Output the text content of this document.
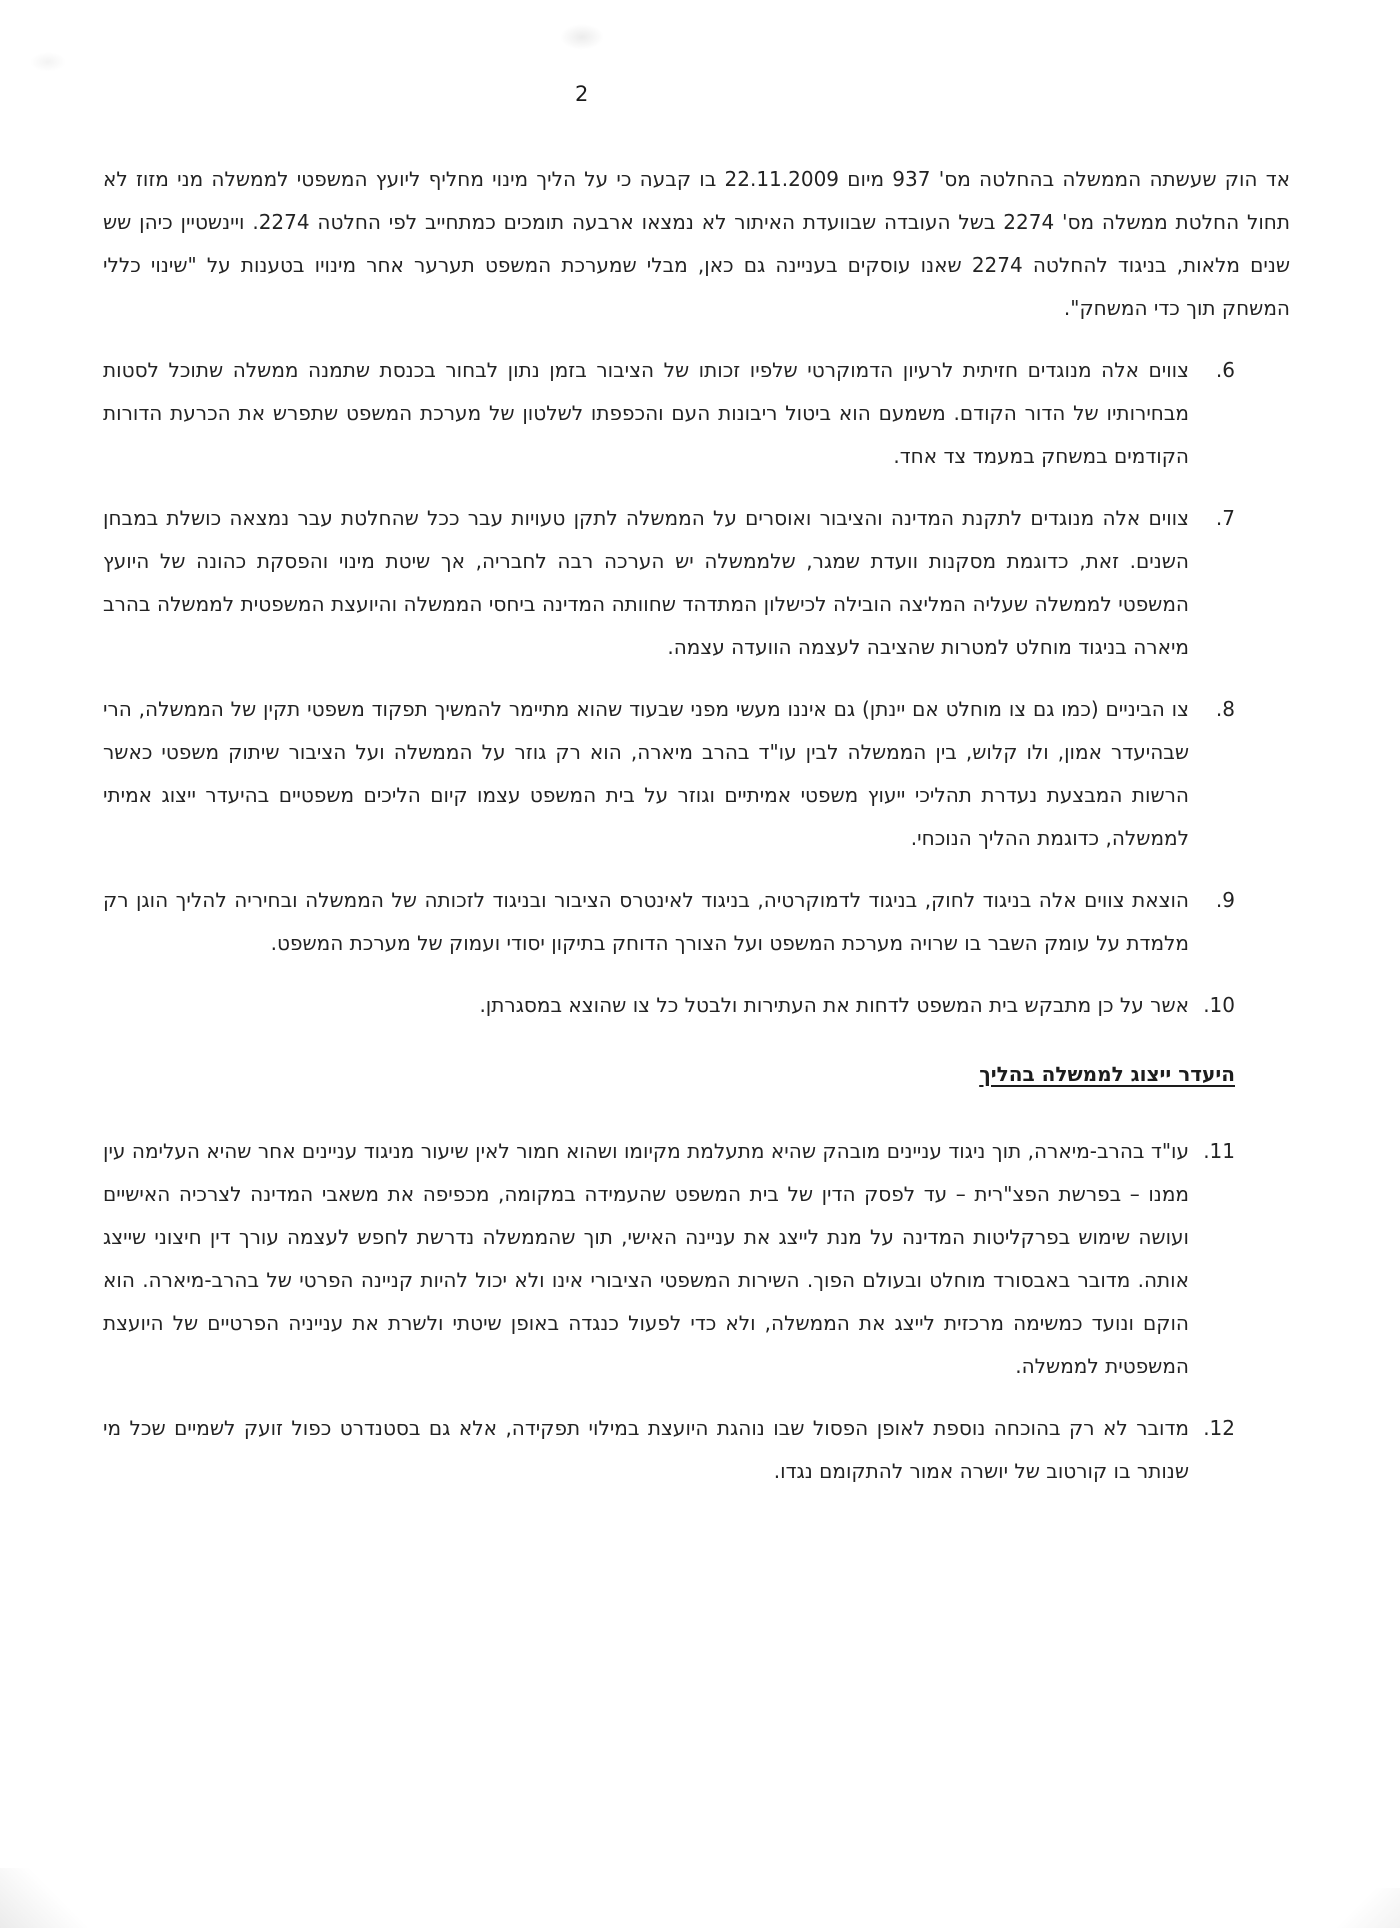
2

אד הוק שעשתה הממשלה בהחלטה מס' 937 מיום 22.11.2009 בו קבעה כי על הליך מינוי מחליף ליועץ המשפטי לממשלה מני מזוז לא תחול החלטת ממשלה מס' 2274 בשל העובדה שבוועדת האיתור לא נמצאו ארבעה תומכים כמתחייב לפי החלטה 2274. ויינשטיין כיהן שש שנים מלאות, בניגוד להחלטה 2274 שאנו עוסקים בעניינה גם כאן, מבלי שמערכת המשפט תערער אחר מינויו בטענות על "שינוי כללי המשחק תוך כדי המשחק".

6.
צווים אלה מנוגדים חזיתית לרעיון הדמוקרטי שלפיו זכותו של הציבור בזמן נתון לבחור בכנסת שתמנה ממשלה שתוכל לסטות מבחירותיו של הדור הקודם. משמעם הוא ביטול ריבונות העם והכפפתו לשלטון של מערכת המשפט שתפרש את הכרעת הדורות הקודמים במשחק במעמד צד אחד.
7.
צווים אלה מנוגדים לתקנת המדינה והציבור ואוסרים על הממשלה לתקן טעויות עבר ככל שהחלטת עבר נמצאה כושלת במבחן השנים. זאת, כדוגמת מסקנות וועדת שמגר, שלממשלה יש הערכה רבה לחבריה, אך שיטת מינוי והפסקת כהונה של היועץ המשפטי לממשלה שעליה המליצה הובילה לכישלון המתדהד שחוותה המדינה ביחסי הממשלה והיועצת המשפטית לממשלה בהרב מיארה בניגוד מוחלט למטרות שהציבה לעצמה הוועדה עצמה.
8.
צו הביניים (כמו גם צו מוחלט אם יינתן) גם איננו מעשי מפני שבעוד שהוא מתיימר להמשיך תפקוד משפטי תקין של הממשלה, הרי שבהיעדר אמון, ולו קלוש, בין הממשלה לבין עו"ד בהרב מיארה, הוא רק גוזר על הממשלה ועל הציבור שיתוק משפטי כאשר הרשות המבצעת נעדרת תהליכי ייעוץ משפטי אמיתיים וגוזר על בית המשפט עצמו קיום הליכים משפטיים בהיעדר ייצוג אמיתי לממשלה, כדוגמת ההליך הנוכחי.
9.
הוצאת צווים אלה בניגוד לחוק, בניגוד לדמוקרטיה, בניגוד לאינטרס הציבור ובניגוד לזכותה של הממשלה ובחיריה להליך הוגן רק מלמדת על עומק השבר בו שרויה מערכת המשפט ועל הצורך הדוחק בתיקון יסודי ועמוק של מערכת המשפט.
10.
אשר על כן מתבקש בית המשפט לדחות את העתירות ולבטל כל צו שהוצא במסגרתן.
היעדר ייצוג לממשלה בהליך
11.
עו"ד בהרב-מיארה, תוך ניגוד עניינים מובהק שהיא מתעלמת מקיומו ושהוא חמור לאין שיעור מניגוד עניינים אחר שהיא העלימה עין ממנו – בפרשת הפצ"רית – עד לפסק הדין של בית המשפט שהעמידה במקומה, מכפיפה את משאבי המדינה לצרכיה האישיים ועושה שימוש בפרקליטות המדינה על מנת לייצג את עניינה האישי, תוך שהממשלה נדרשת לחפש לעצמה עורך דין חיצוני שייצג אותה. מדובר באבסורד מוחלט ובעולם הפוך. השירות המשפטי הציבורי אינו ולא יכול להיות קניינה הפרטי של בהרב-מיארה. הוא הוקם ונועד כמשימה מרכזית לייצג את הממשלה, ולא כדי לפעול כנגדה באופן שיטתי ולשרת את ענייניה הפרטיים של היועצת המשפטית לממשלה.
12.
מדובר לא רק בהוכחה נוספת לאופן הפסול שבו נוהגת היועצת במילוי תפקידה, אלא גם בסטנדרט כפול זועק לשמיים שכל מי שנותר בו קורטוב של יושרה אמור להתקומם נגדו.
